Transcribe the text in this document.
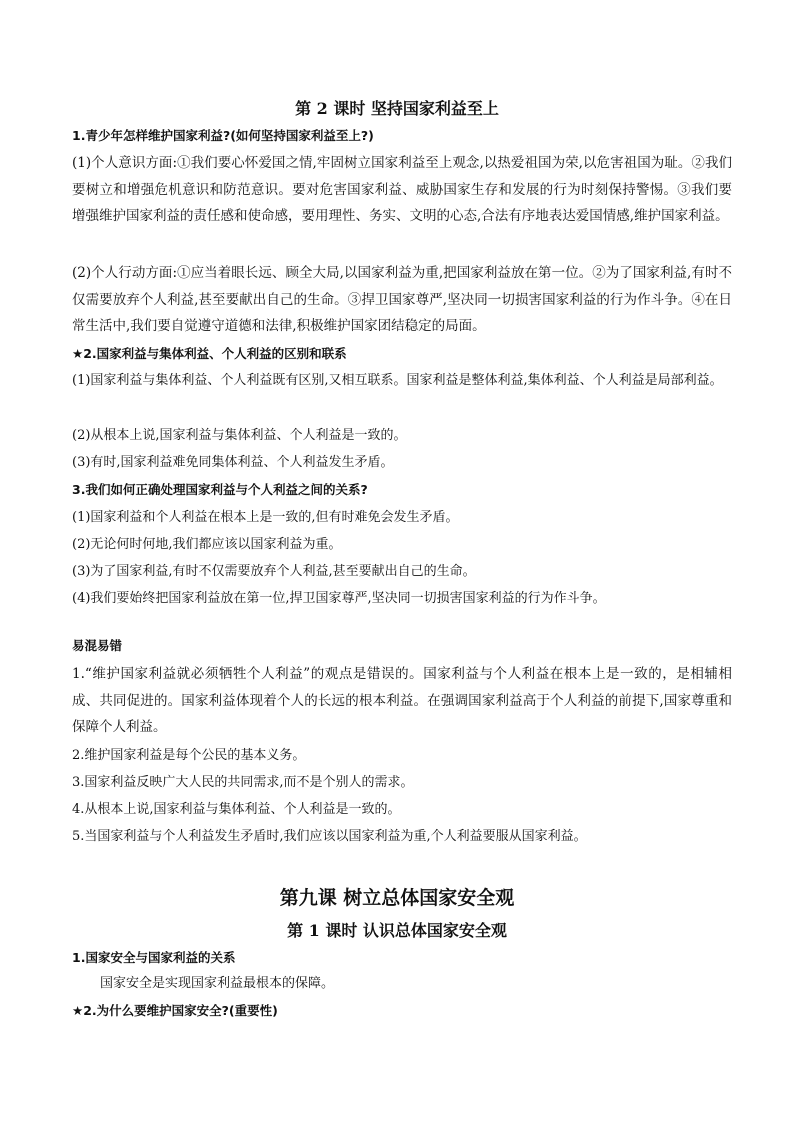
第 2 课时 坚持国家利益至上
1.青少年怎样维护国家利益?(如何坚持国家利益至上?)

(1)个人意识方面:①我们要心怀爱国之情,牢固树立国家利益至上观念,以热爱祖国为荣,以危害祖国为耻。②我们要树立和增强危机意识和防范意识。要对危害国家利益、威胁国家生存和发展的行为时刻保持警惕。③我们要增强维护国家利益的责任感和使命感，要用理性、务实、文明的心态,合法有序地表达爱国情感,维护国家利益。

(2)个人行动方面:①应当着眼长远、顾全大局,以国家利益为重,把国家利益放在第一位。②为了国家利益,有时不仅需要放弃个人利益,甚至要献出自己的生命。③捍卫国家尊严,坚决同一切损害国家利益的行为作斗争。④在日常生活中,我们要自觉遵守道德和法律,积极维护国家团结稳定的局面。

★2.国家利益与集体利益、个人利益的区别和联系

(1)国家利益与集体利益、个人利益既有区别,又相互联系。国家利益是整体利益,集体利益、个人利益是局部利益。

(2)从根本上说,国家利益与集体利益、个人利益是一致的。

(3)有时,国家利益难免同集体利益、个人利益发生矛盾。

3.我们如何正确处理国家利益与个人利益之间的关系?

(1)国家利益和个人利益在根本上是一致的,但有时难免会发生矛盾。

(2)无论何时何地,我们都应该以国家利益为重。

(3)为了国家利益,有时不仅需要放弃个人利益,甚至要献出自己的生命。

(4)我们要始终把国家利益放在第一位,捍卫国家尊严,坚决同一切损害国家利益的行为作斗争。

易混易错

1.“维护国家利益就必须牺牲个人利益”的观点是错误的。国家利益与个人利益在根本上是一致的，是相辅相成、共同促进的。国家利益体现着个人的长远的根本利益。在强调国家利益高于个人利益的前提下,国家尊重和保障个人利益。

2.维护国家利益是每个公民的基本义务。

3.国家利益反映广大人民的共同需求,而不是个别人的需求。

4.从根本上说,国家利益与集体利益、个人利益是一致的。

5.当国家利益与个人利益发生矛盾时,我们应该以国家利益为重,个人利益要服从国家利益。

第九课 树立总体国家安全观
第 1 课时 认识总体国家安全观
1.国家安全与国家利益的关系

国家安全是实现国家利益最根本的保障。

★2.为什么要维护国家安全?(重要性)
